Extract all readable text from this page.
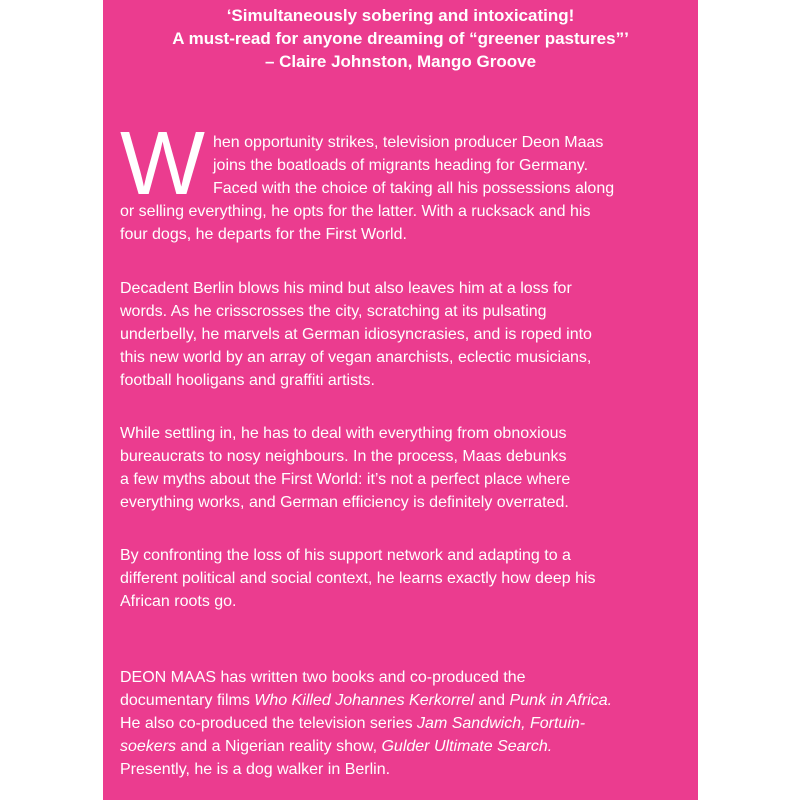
‘Simultaneously sobering and intoxicating!
A must-read for anyone dreaming of “greener pastures”’
– Claire Johnston, Mango Groove
W hen opportunity strikes, television producer Deon Maas
joins the boatloads of migrants heading for Germany.
Faced with the choice of taking all his possessions along

or selling everything, he opts for the latter. With a rucksack and his
four dogs, he departs for the First World.

Decadent Berlin blows his mind but also leaves him at a loss for
words. As he crisscrosses the city, scratching at its pulsating
underbelly, he marvels at German idiosyncrasies, and is roped into
this new world by an array of vegan anarchists, eclectic musicians,
football hooligans and graffiti artists.

While settling in, he has to deal with everything from obnoxious
bureaucrats to nosy neighbours. In the process, Maas debunks
a few myths about the First World: it’s not a perfect place where
everything works, and German efficiency is definitely overrated.

By confronting the loss of his support network and adapting to a
different political and social context, he learns exactly how deep his
African roots go.

DEON MAAS has written two books and co-produced the
documentary films Who Killed Johannes Kerkorrel and Punk in Africa.
He also co-produced the television series Jam Sandwich, Fortuin-
soekers and a Nigerian reality show, Gulder Ultimate Search.
Presently, he is a dog walker in Berlin.
